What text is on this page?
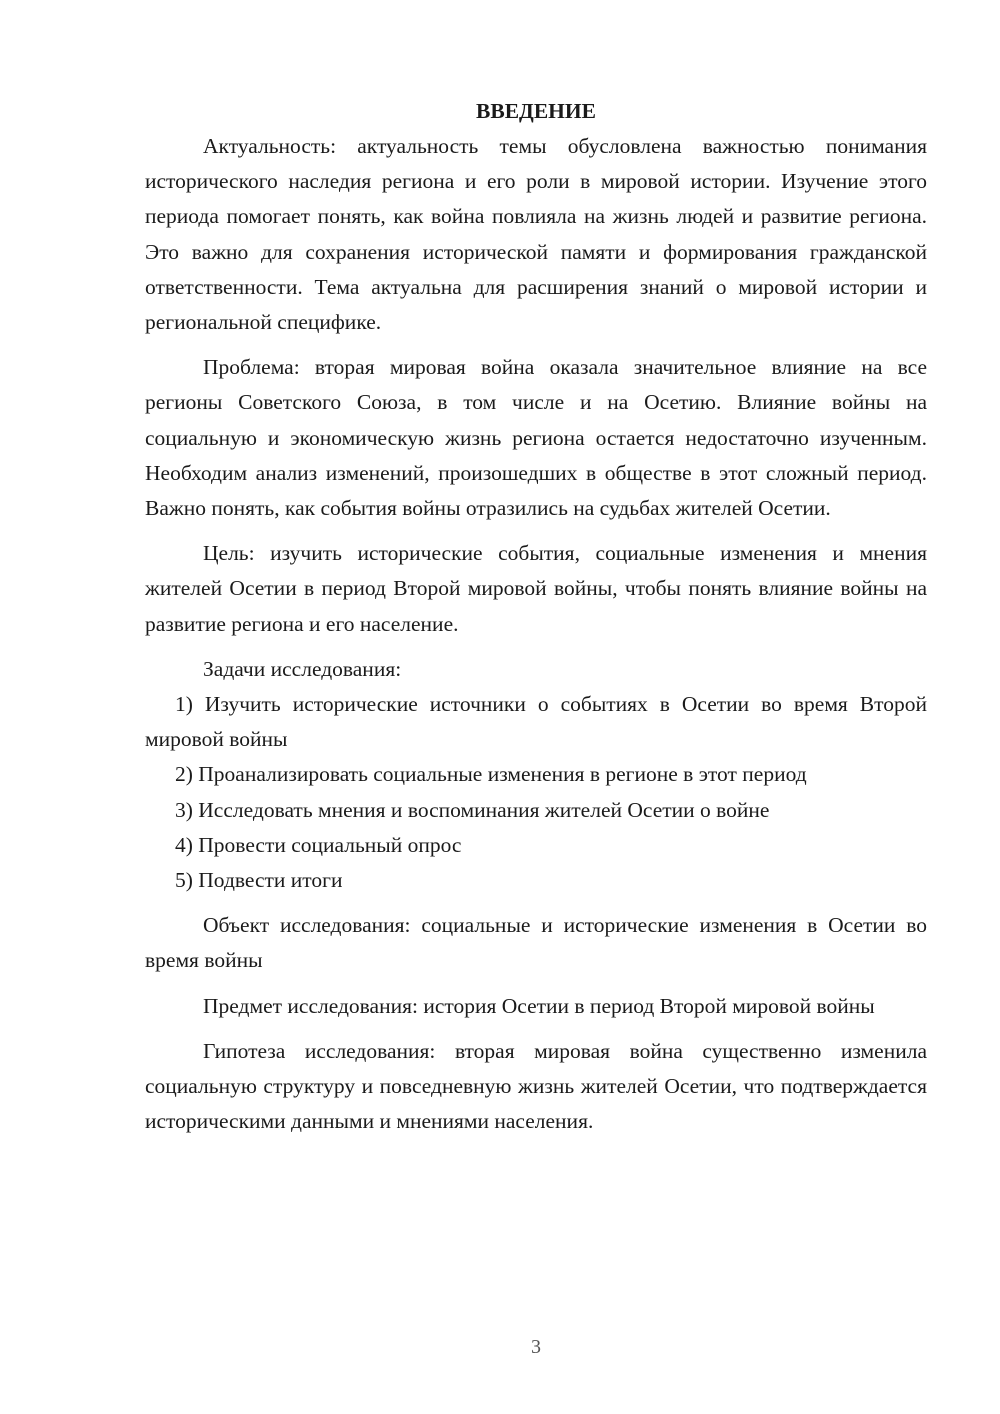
ВВЕДЕНИЕ

Актуальность: актуальность темы обусловлена важностью понимания исторического наследия региона и его роли в мировой истории. Изучение этого периода помогает понять, как война повлияла на жизнь людей и развитие региона. Это важно для сохранения исторической памяти и формирования гражданской ответственности. Тема актуальна для расширения знаний о мировой истории и региональной специфике.

Проблема: вторая мировая война оказала значительное влияние на все регионы Советского Союза, в том числе и на Осетию. Влияние войны на социальную и экономическую жизнь региона остается недостаточно изученным. Необходим анализ изменений, произошедших в обществе в этот сложный период. Важно понять, как события войны отразились на судьбах жителей Осетии.

Цель: изучить исторические события, социальные изменения и мнения жителей Осетии в период Второй мировой войны, чтобы понять влияние войны на развитие региона и его население.

Задачи исследования:

1) Изучить исторические источники о событиях в Осетии во время Второй мировой войны

2) Проанализировать социальные изменения в регионе в этот период

3) Исследовать мнения и воспоминания жителей Осетии о войне

4) Провести социальный опрос

5) Подвести итоги

Объект исследования: социальные и исторические изменения в Осетии во время войны

Предмет исследования: история Осетии в период Второй мировой войны

Гипотеза исследования: вторая мировая война существенно изменила социальную структуру и повседневную жизнь жителей Осетии, что подтверждается историческими данными и мнениями населения.

3
